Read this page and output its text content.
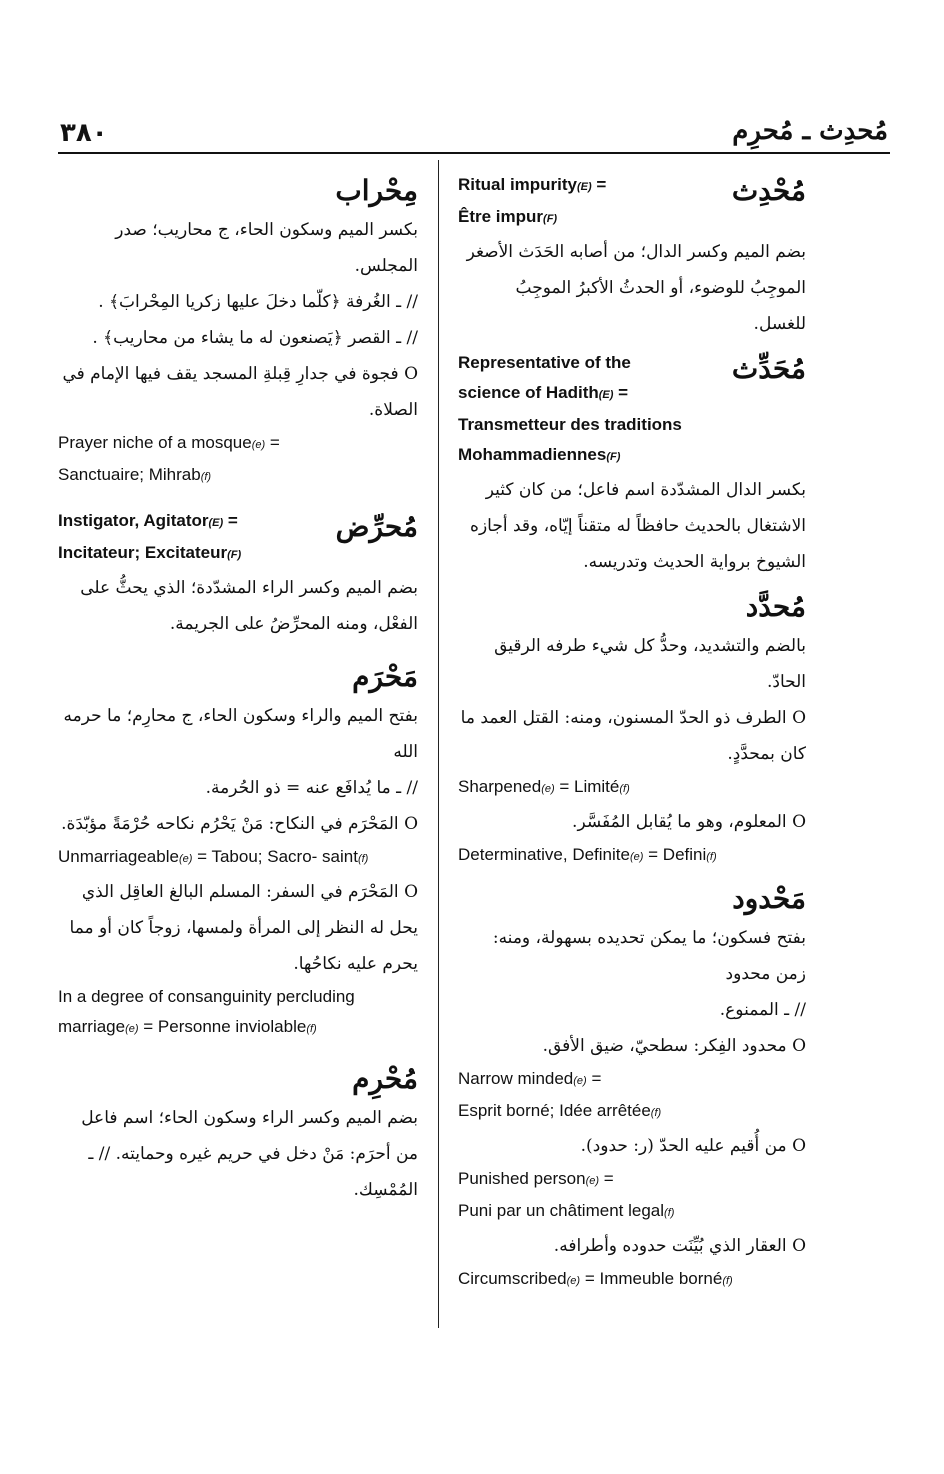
٣٨٠	مُحدِث ـ مُحرِم
مِحْراب

بكسر الميم وسكون الحاء، ج محاريب؛ صدر المجلس.

// ـ الغُرفة ﴿كلّما دخلَ عليها زكريا المِحْرابَ﴾ .

// ـ القصر ﴿يَصنعون له ما يشاء من محاريب﴾ .

O فجوة في جدارِ قِبلةِ المسجد يقف فيها الإمام في الصلاة.

Prayer niche of a mosque(e) =

Sanctuaire; Mihrab(f)

Instigator, Agitator(E) =

Incitateur; Excitateur(F)

مُحرِّض

بضم الميم وكسر الراء المشدّدة؛ الذي يحثُّ على الفعْل، ومنه المحرِّضُ على الجريمة.

مَحْرَم

بفتح الميم والراء وسكون الحاء، ج محارِم؛ ما حرمه الله

// ـ ما يُدافَع عنه = ذو الحُرمة.

O المَحْرَم في النكاح: مَنْ يَحْرُم نكاحه حُرْمَةً مؤبّدَة.

Unmarriageable(e) = Tabou; Sacro- saint(f)

O المَحْرَم في السفر: المسلم البالغ العاقِل الذي يحل له النظر إلى المرأة ولمسها، زوجاً كان أو مما يحرم عليه نكاحُها.

In a degree of consanguinity percluding

marriage(e) = Personne inviolable(f)

مُحْرِم

بضم الميم وكسر الراء وسكون الحاء؛ اسم فاعل من أحرَم: مَنْ دخل في حريم غيره وحمايته. // ـ المُمْسِك.

Ritual impurity(E) =

Être impur(F)

مُحْدِث

بضم الميم وكسر الدال؛ من أصابه الحَدَث الأصغر الموجِبُ للوضوء، أو الحدثُ الأكبرُ الموجِبُ للغسل.

Representative of the

science of Hadith(E) =

Transmetteur des traditions

Mohammadiennes(F)

مُحَدِّث

بكسر الدال المشدّدة اسم فاعل؛ من كان كثير الاشتغال بالحديث حافظاً له متقناً إيّاه، وقد أجازه الشيوخ برواية الحديث وتدريسه.

مُحدَّد

بالضم والتشديد، وحدُّ كل شيء طرفه الرقيق الحادّ.

O الطرف ذو الحدّ المسنون، ومنه: القتل العمد ما كان بمحدَّدٍ.

Sharpened(e) = Limité(f)

O المعلوم، وهو ما يُقابل المُفَسَّر.

Determinative, Definite(e) = Defini(f)

مَحْدود

بفتح فسكون؛ ما يمكن تحديده بسهولة، ومنه: زمن محدود

// ـ الممنوع.

O محدود الفِكر: سطحيّ، ضيق الأفق.

Narrow minded(e) =

Esprit borné; Idée arrêtée(f)

O من أُقيم عليه الحدّ (ر: حدود).

Punished person(e) =

Puni par un châtiment legal(f)

O العقار الذي بُيِّنَت حدوده وأطرافه.

Circumscribed(e) = Immeuble borné(f)
